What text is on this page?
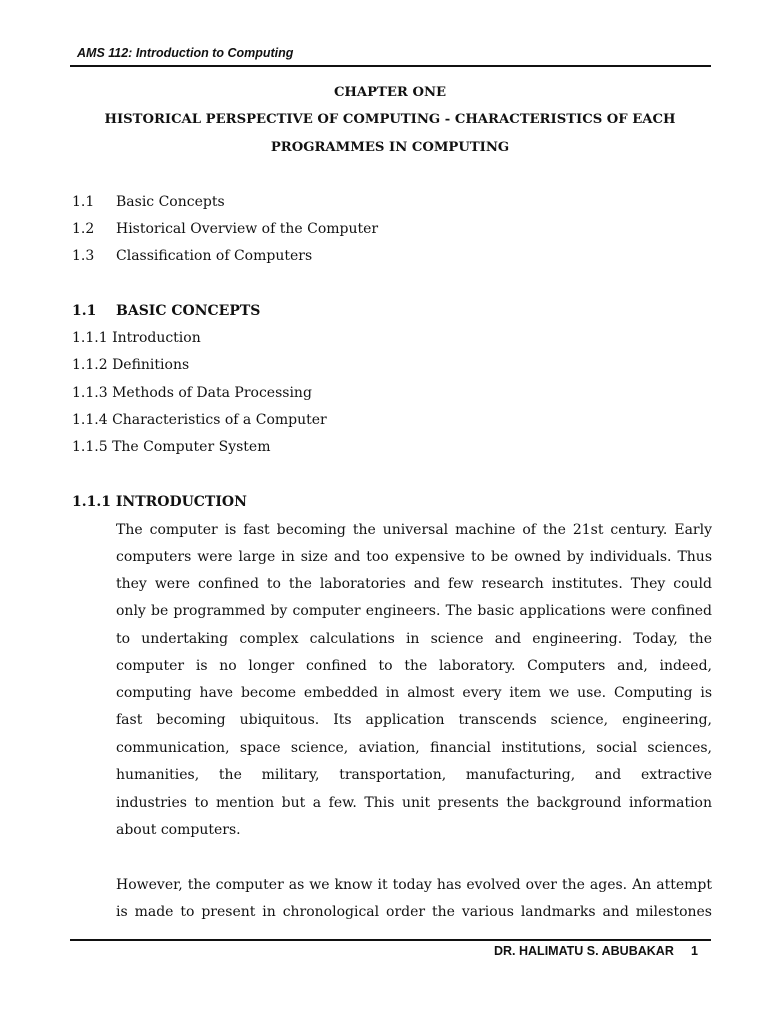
AMS 112: Introduction to Computing
CHAPTER ONE
HISTORICAL PERSPECTIVE OF COMPUTING - CHARACTERISTICS OF EACH
PROGRAMMES IN COMPUTING
1.1 Basic Concepts
1.2 Historical Overview of the Computer
1.3 Classification of Computers
1.1 BASIC CONCEPTS
1.1.1 Introduction
1.1.2 Definitions
1.1.3 Methods of Data Processing
1.1.4 Characteristics of a Computer
1.1.5 The Computer System
1.1.1 INTRODUCTION
The computer is fast becoming the universal machine of the 21st century. Early
computers were large in size and too expensive to be owned by individuals. Thus
they were confined to the laboratories and few research institutes. They could
only be programmed by computer engineers. The basic applications were confined
to undertaking complex calculations in science and engineering. Today, the
computer is no longer confined to the laboratory. Computers and, indeed,
computing have become embedded in almost every item we use. Computing is
fast becoming ubiquitous. Its application transcends science, engineering,
communication, space science, aviation, financial institutions, social sciences,
humanities, the military, transportation, manufacturing, and extractive
industries to mention but a few. This unit presents the background information
about computers.
However, the computer as we know it today has evolved over the ages. An attempt
is made to present in chronological order the various landmarks and milestones
DR. HALIMATU S. ABUBAKAR 1
